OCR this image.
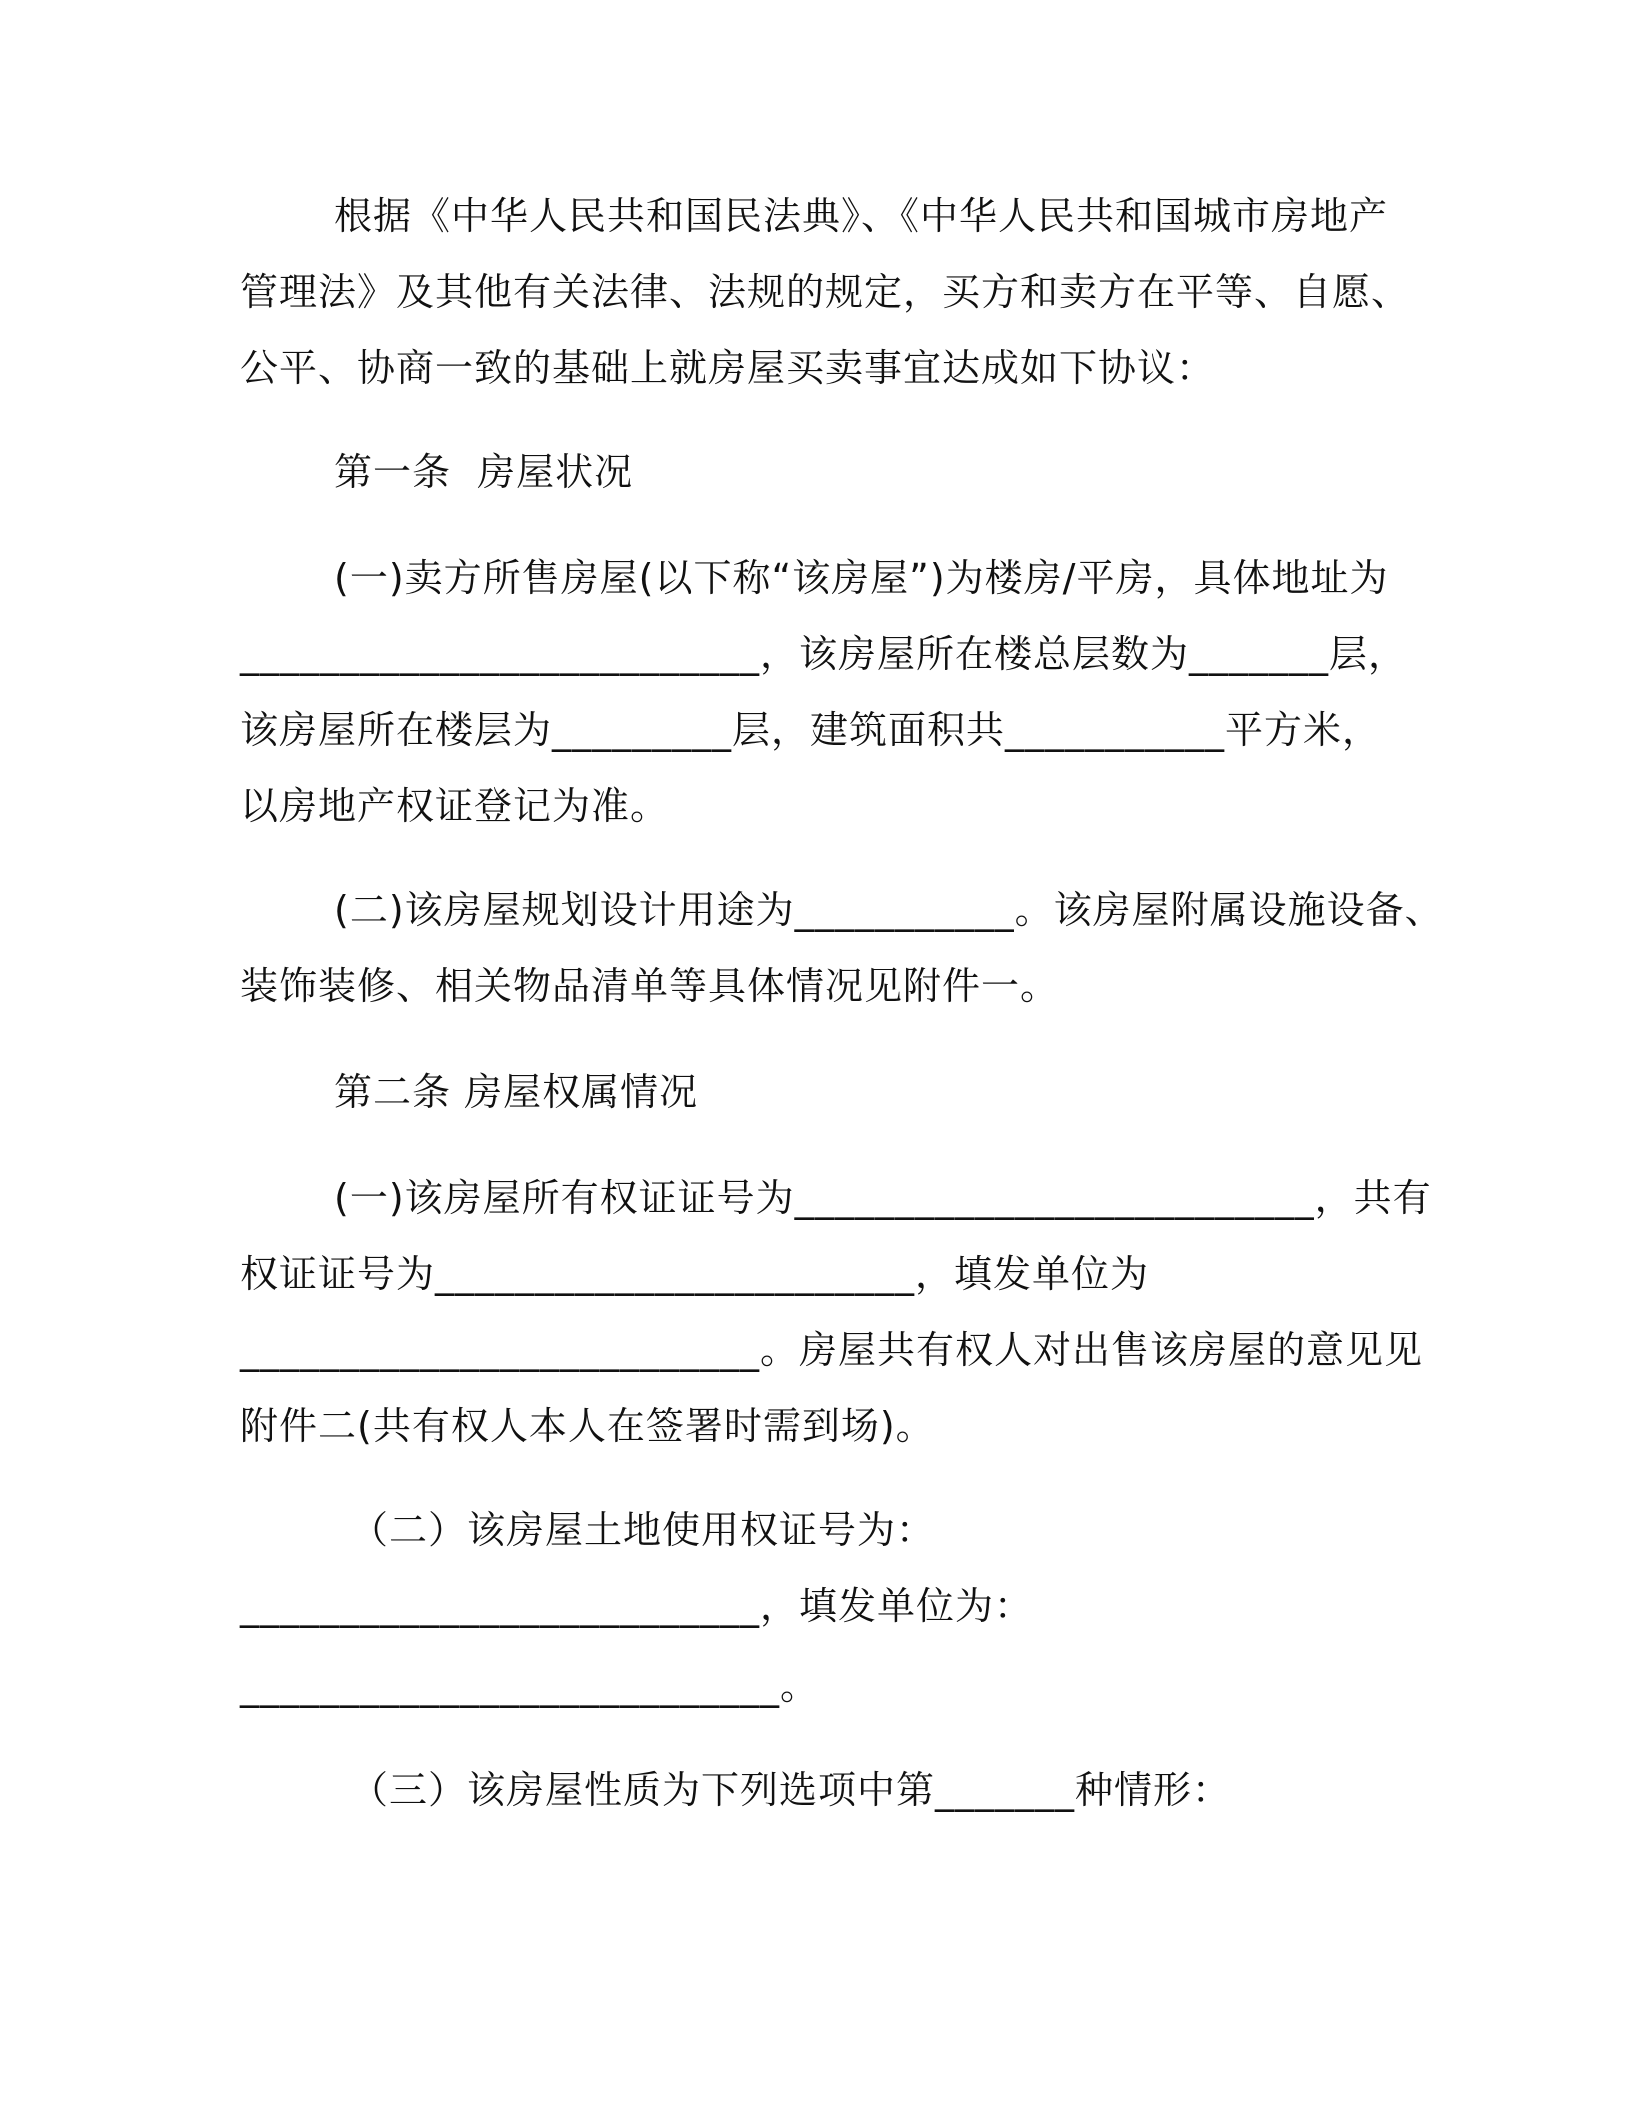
根据《中华人民共和国民法典》、《中华人民共和国城市房地产
管理法》及其他有关法律、法规的规定，买方和卖方在平等、自愿、
公平、协商一致的基础上就房屋买卖事宜达成如下协议：
第一条  房屋状况
(一)卖方所售房屋(以下称“该房屋”)为楼房/平房，具体地址为
__________________________，该房屋所在楼总层数为_______层，
该房屋所在楼层为_________层，建筑面积共___________平方米，
以房地产权证登记为准。
(二)该房屋规划设计用途为___________。该房屋附属设施设备、
装饰装修、相关物品清单等具体情况见附件一。
第二条 房屋权属情况
(一)该房屋所有权证证号为__________________________，共有
权证证号为________________________，填发单位为
__________________________。房屋共有权人对出售该房屋的意见见
附件二(共有权人本人在签署时需到场)。
（二）该房屋土地使用权证号为：
__________________________，填发单位为：
___________________________。
（三）该房屋性质为下列选项中第_______种情形：
